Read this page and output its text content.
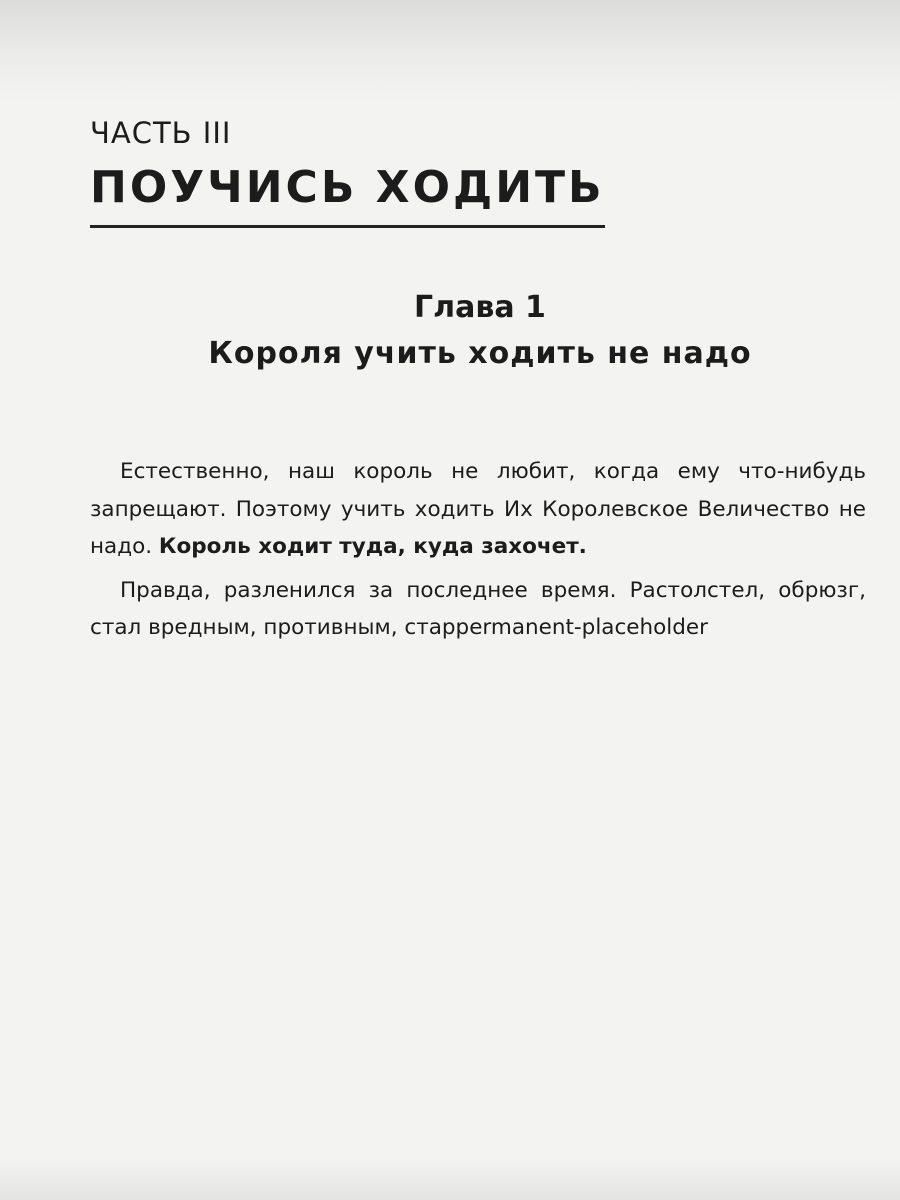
ЧАСТЬ III
ПОУЧИСЬ ХОДИТЬ
Глава 1
Короля учить ходить не надо

Естественно, наш король не любит, когда ему что-нибудь запрещают. Поэтому учить ходить Их Королевское Величество не надо. Король ходит туда, куда захочет.

Правда, разленился за последнее время. Растолстел, обрюзг, стал вредным, противным, старpermanent-placeholder
